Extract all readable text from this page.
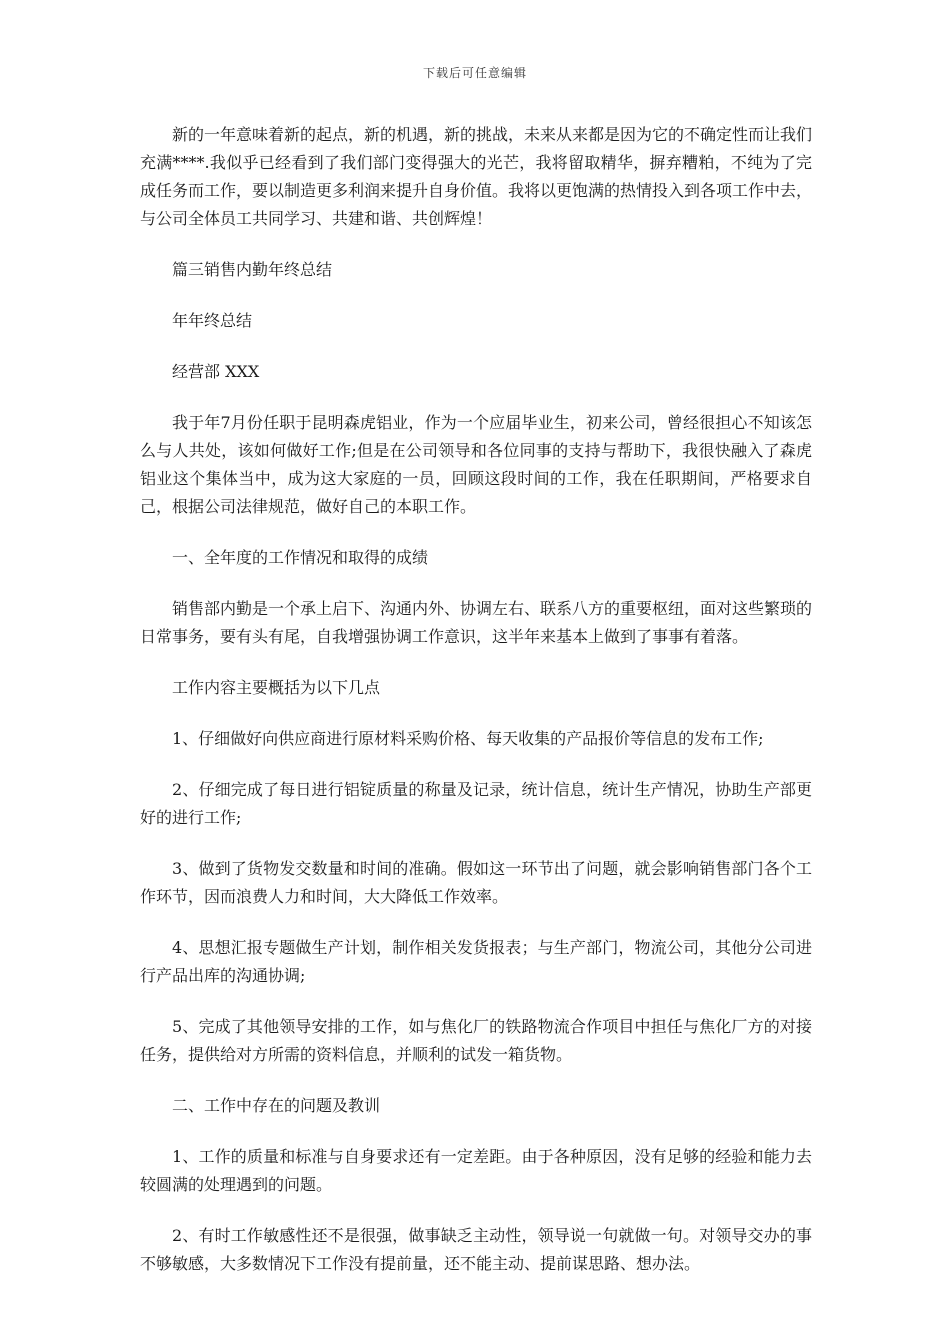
下载后可任意编辑

新的一年意味着新的起点，新的机遇，新的挑战，未来从来都是因为它的不确定性而让我们充满****.我似乎已经看到了我们部门变得强大的光芒，我将留取精华，摒弃糟粕，不纯为了完成任务而工作，要以制造更多利润来提升自身价值。我将以更饱满的热情投入到各项工作中去，与公司全体员工共同学习、共建和谐、共创辉煌！

篇三销售内勤年终总结

年年终总结

经营部 XXX

我于年7月份任职于昆明森虎铝业，作为一个应届毕业生，初来公司，曾经很担心不知该怎么与人共处，该如何做好工作;但是在公司领导和各位同事的支持与帮助下，我很快融入了森虎铝业这个集体当中，成为这大家庭的一员，回顾这段时间的工作，我在任职期间，严格要求自己，根据公司法律规范，做好自己的本职工作。

一、全年度的工作情况和取得的成绩

销售部内勤是一个承上启下、沟通内外、协调左右、联系八方的重要枢纽，面对这些繁琐的日常事务，要有头有尾，自我增强协调工作意识，这半年来基本上做到了事事有着落。

工作内容主要概括为以下几点

1、仔细做好向供应商进行原材料采购价格、每天收集的产品报价等信息的发布工作;

2、仔细完成了每日进行铝锭质量的称量及记录，统计信息，统计生产情况，协助生产部更好的进行工作;

3、做到了货物发交数量和时间的准确。假如这一环节出了问题，就会影响销售部门各个工作环节，因而浪费人力和时间，大大降低工作效率。

4、思想汇报专题做生产计划，制作相关发货报表；与生产部门，物流公司，其他分公司进行产品出库的沟通协调;

5、完成了其他领导安排的工作，如与焦化厂的铁路物流合作项目中担任与焦化厂方的对接任务，提供给对方所需的资料信息，并顺利的试发一箱货物。

二、工作中存在的问题及教训

1、工作的质量和标准与自身要求还有一定差距。由于各种原因，没有足够的经验和能力去较圆满的处理遇到的问题。

2、有时工作敏感性还不是很强，做事缺乏主动性，领导说一句就做一句。对领导交办的事不够敏感，大多数情况下工作没有提前量，还不能主动、提前谋思路、想办法。
